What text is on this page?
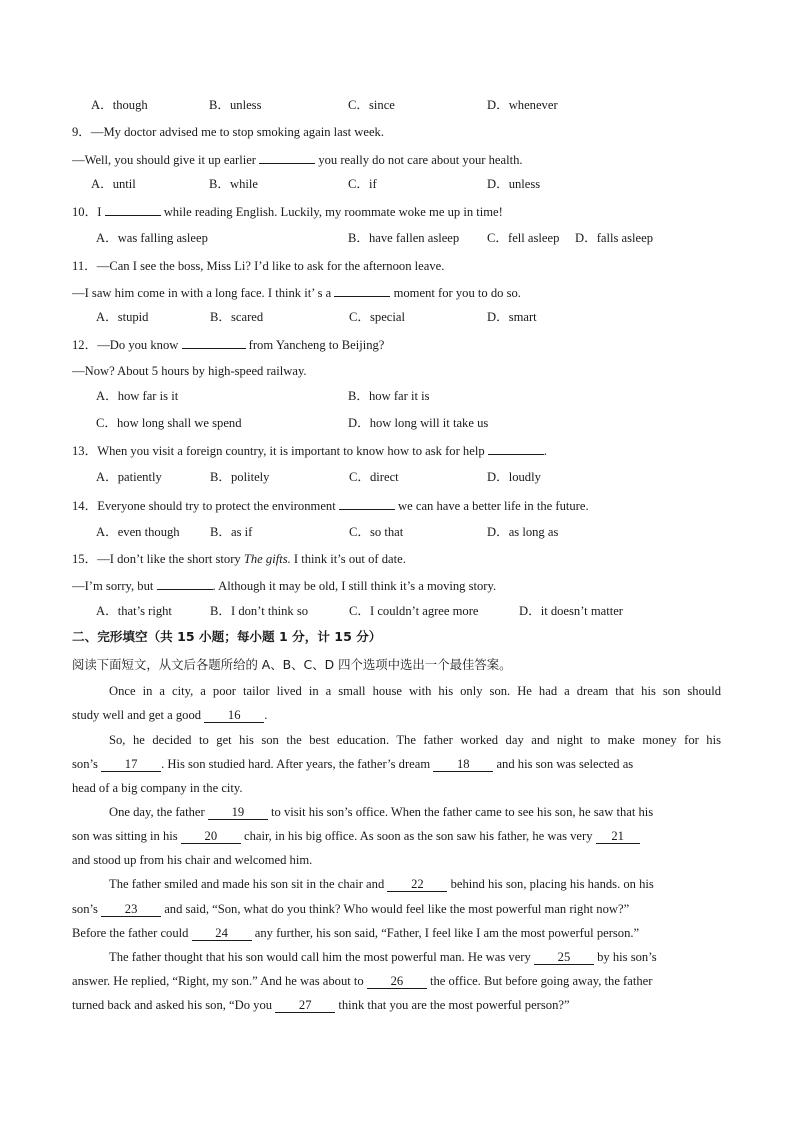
A．though	B．unless	C．since	D．whenever
9．—My doctor advised me to stop smoking again last week.
—Well, you should give it up earlier	you really do not care about your health.
A．until	B．while	C．if	D．unless
10．I	while reading English. Luckily, my roommate woke me up in time!
A．was falling asleep	B．have fallen asleep C．fell asleep D．falls asleep
11．—Can I see the boss, Miss Li? I’d like to ask for the afternoon leave.
—I saw him come in with a long face. I think it’ s a	moment for you to do so.
A．stupid	B．scared	C．special	D．smart
12．—Do you know	from Yancheng to Beijing?
—Now? About 5 hours by high-speed railway.
A．how far is it	B．how far it is
C．how long shall we spend	D．how long will it take us
13．When you visit a foreign country, it is important to know how to ask for help	.
A．patiently	B．politely	C．direct	D．loudly
14．Everyone should try to protect the environment	we can have a better life in the future.
A．even though B．as if	C．so that	D．as long as
15．—I don’t like the short story The gifts. I think it’s out of date.
—I’m sorry, but	. Although it may be old, I still think it’s a moving story.
A．that’s right	B．I don’t think so	C．I couldn’t agree more	D．it doesn’t matter
二、完形填空（共 15 小题；每小题 1 分，计 15 分）
阅读下面短文，从文后各题所给的 A、B、C、D 四个选项中选出一个最佳答案。
Once in a city, a poor tailor lived in a small house with his only son. He had a dream that his son should
study well and get a good 16 .
So, he decided to get his son the best education. The father worked day and night to make money for his
son’s 17 . His son studied hard. After years, the father’s dream 18 and his son was selected as
head of a big company in the city.
One day, the father 19 to visit his son’s office. When the father came to see his son, he saw that his
son was sitting in his 20 chair, in his big office. As soon as the son saw his father, he was very 21
and stood up from his chair and welcomed him.
The father smiled and made his son sit in the chair and 22 behind his son, placing his hands. on his
son’s 23 and said, “Son, what do you think? Who would feel like the most powerful man right now?”
Before the father could 24 any further, his son said, “Father, I feel like I am the most powerful person.”
The father thought that his son would call him the most powerful man. He was very 25 by his son’s
answer. He replied, “Right, my son.” And he was about to 26 the office. But before going away, the father
turned back and asked his son, “Do you 27 think that you are the most powerful person?”
